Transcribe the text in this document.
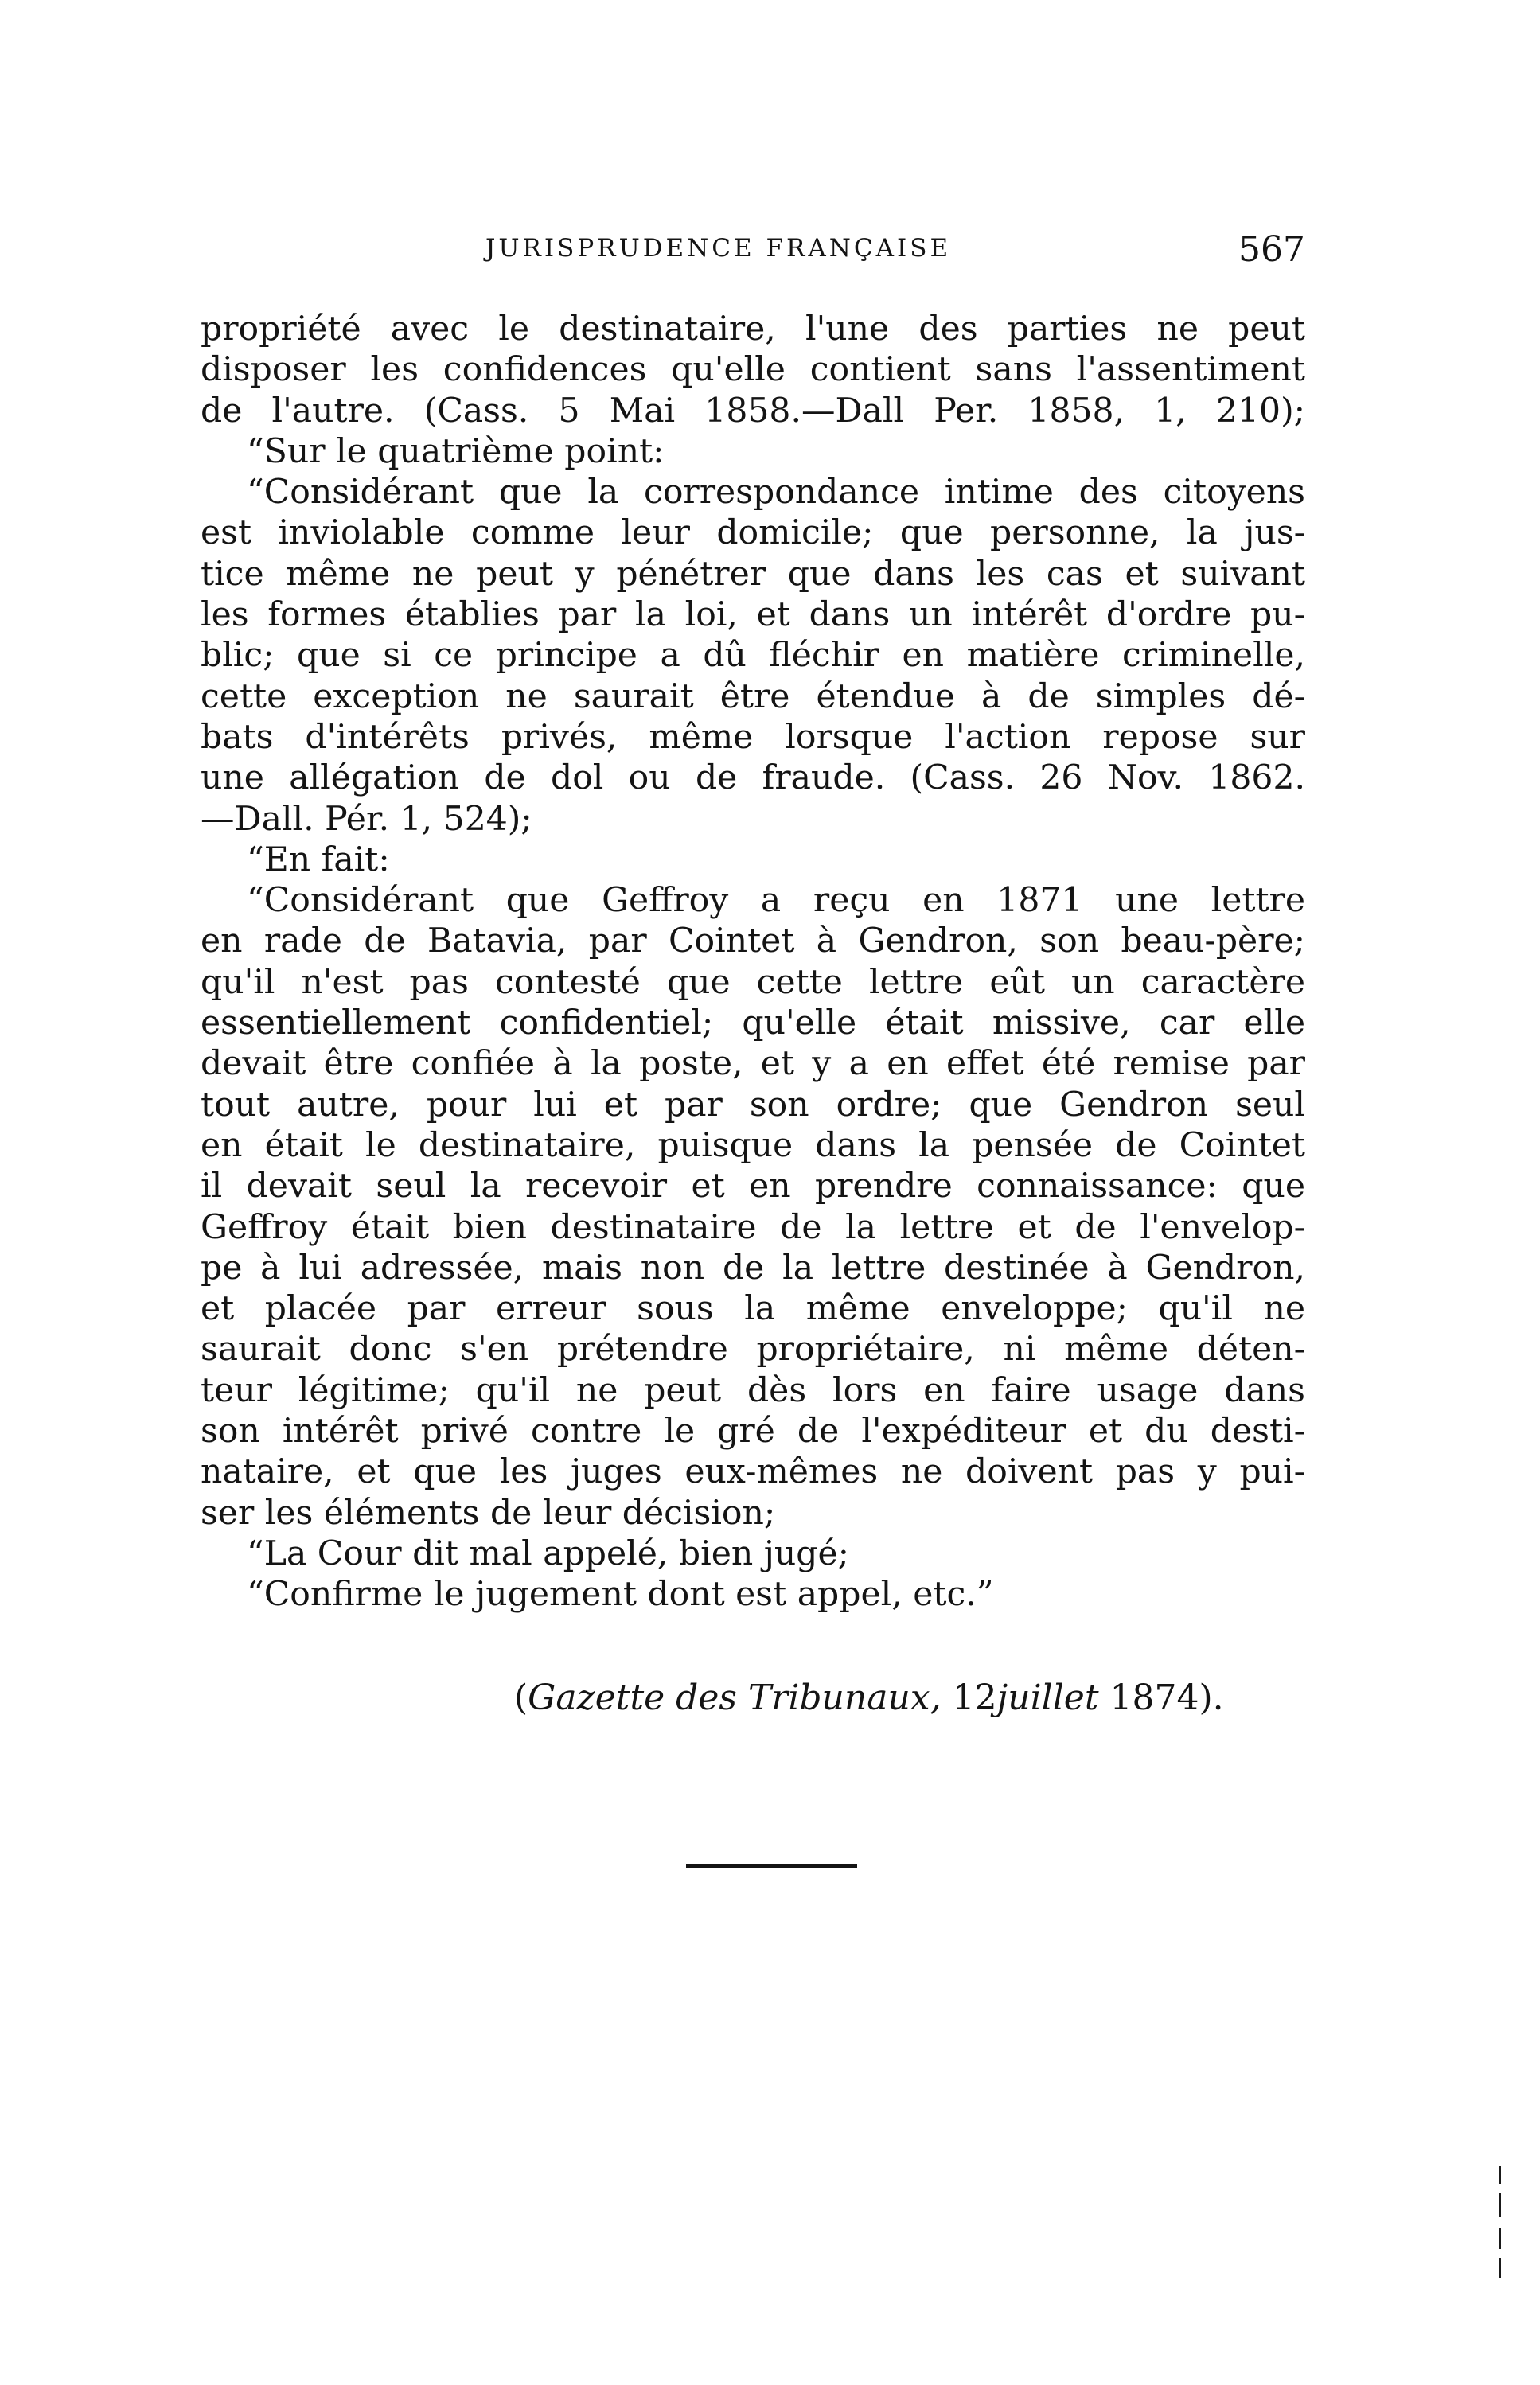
JURISPRUDENCE FRANÇAISE	567
propriété avec le destinataire, l'une des parties ne peut
disposer les confidences qu'elle contient sans l'assentiment
de l'autre. (Cass. 5 Mai 1858.—Dall Per. 1858, 1, 210);
“Sur le quatrième point:
“Considérant que la correspondance intime des citoyens
est inviolable comme leur domicile; que personne, la jus-
tice même ne peut y pénétrer que dans les cas et suivant
les formes établies par la loi, et dans un intérêt d'ordre pu-
blic; que si ce principe a dû fléchir en matière criminelle,
cette exception ne saurait être étendue à de simples dé-
bats d'intérêts privés, même lorsque l'action repose sur
une allégation de dol ou de fraude. (Cass. 26 Nov. 1862.
—Dall. Pér. 1, 524);
“En fait:
“Considérant que Geffroy a reçu en 1871 une lettre
en rade de Batavia, par Cointet à Gendron, son beau-père;
qu'il n'est pas contesté que cette lettre eût un caractère
essentiellement confidentiel; qu'elle était missive, car elle
devait être confiée à la poste, et y a en effet été remise par
tout autre, pour lui et par son ordre; que Gendron seul
en était le destinataire, puisque dans la pensée de Cointet
il devait seul la recevoir et en prendre connaissance: que
Geffroy était bien destinataire de la lettre et de l'envelop-
pe à lui adressée, mais non de la lettre destinée à Gendron,
et placée par erreur sous la même enveloppe; qu'il ne
saurait donc s'en prétendre propriétaire, ni même déten-
teur légitime; qu'il ne peut dès lors en faire usage dans
son intérêt privé contre le gré de l'expéditeur et du desti-
nataire, et que les juges eux-mêmes ne doivent pas y pui-
ser les éléments de leur décision;
“La Cour dit mal appelé, bien jugé;
“Confirme le jugement dont est appel, etc.”
(Gazette des Tribunaux, 12juillet 1874).
